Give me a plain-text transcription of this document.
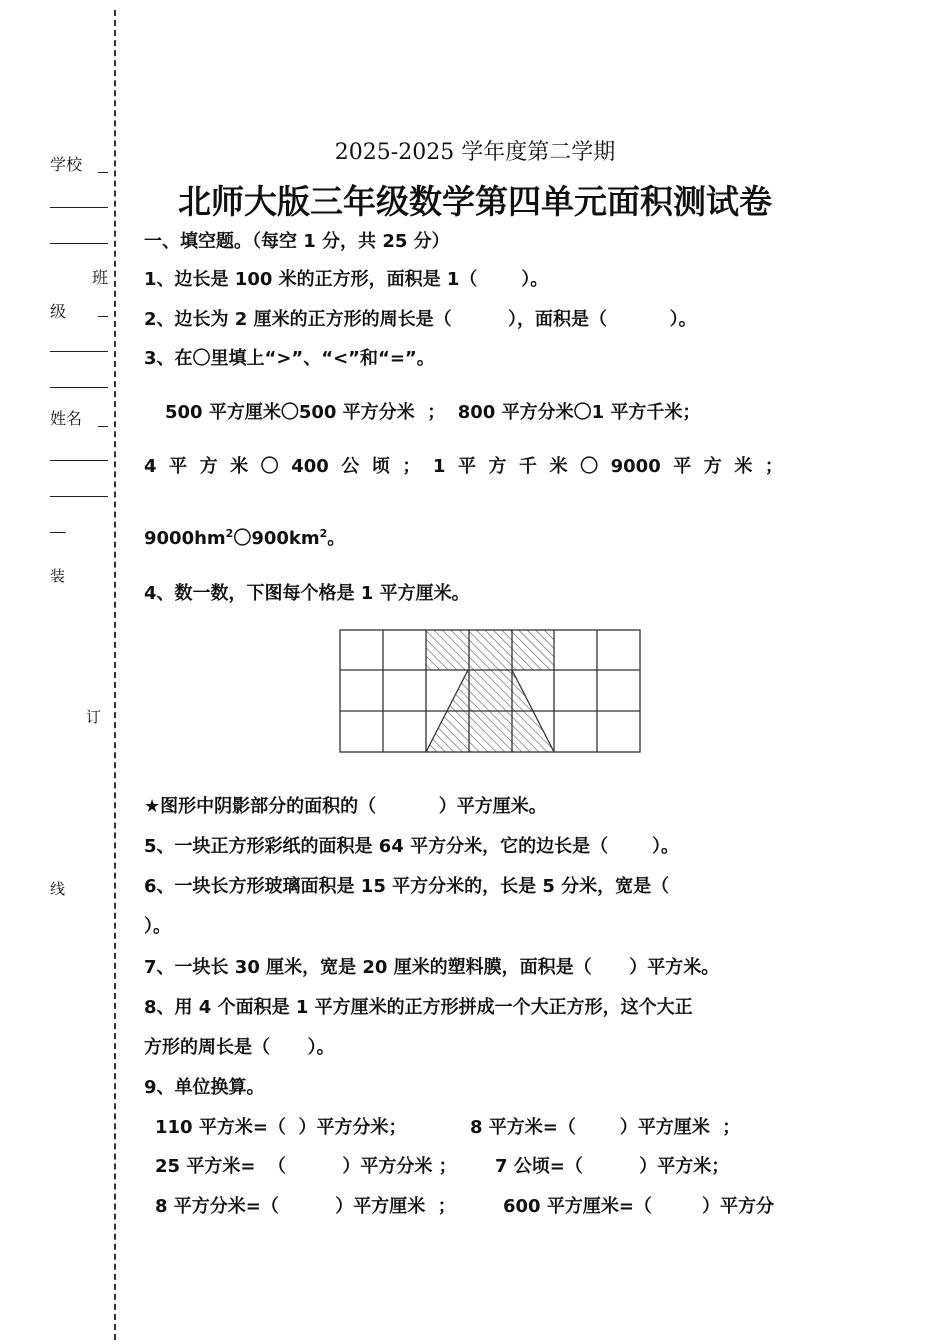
学校
班
级
姓名
装
订
线
2025-2025 学年度第二学期
北师大版三年级数学第四单元面积测试卷
一、填空题。（每空 1 分，共 25 分）
1、边长是 100 米的正方形，面积是 1（       ）。
2、边长为 2 厘米的正方形的周长是（         ），面积是（          ）。
3、在〇里填上“>”、“<”和“=”。
500 平方厘米〇500 平方分米  ；  800 平方分米〇1 平方千米；
4  平  方  米  〇  400  公  顷  ；  1  平  方  千  米  〇  9000  平  方  米  ；
$9000hm^2$〇$900km^2$。
4、数一数，下图每个格是 1 平方厘米。
★图形中阴影部分的面积的（          ）平方厘米。
5、一块正方形彩纸的面积是 64 平方分米，它的边长是（       ）。
6、一块长方形玻璃面积是 15 平方分米的，长是 5 分米，宽是（
）。
7、一块长 30 厘米，宽是 20 厘米的塑料膜，面积是（      ）平方米。
8、用 4 个面积是 1 平方厘米的正方形拼成一个大正方形，这个大正
方形的周长是（      ）。
9、单位换算。
110 平方米=（  ）平方分米；	8 平方米=（       ）平方厘米  ；
25 平方米=  （         ）平方分米 ； 7 公顷=（         ）平方米；
8 平方分米=（         ）平方厘米  ；	600 平方厘米=（        ）平方分
